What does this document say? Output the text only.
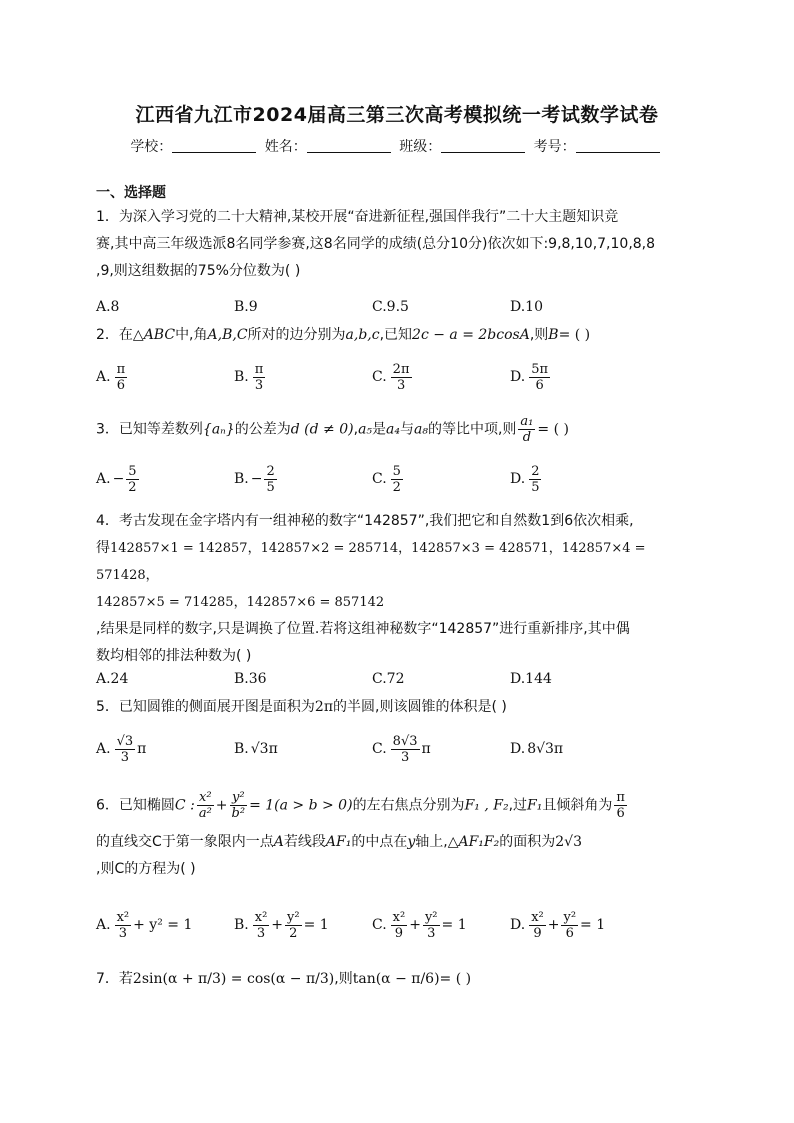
江西省九江市2024届高三第三次高考模拟统一考试数学试卷
学校：	姓名：	班级：	考号：
一、选择题
1．为深入学习党的二十大精神,某校开展“奋进新征程,强国伴我行”二十大主题知识竞
赛,其中高三年级选派8名同学参赛,这8名同学的成绩(总分10分)依次如下:9,8,10,7,10,8,8
,9,则这组数据的75%分位数为( )
A.8	B.9	C.9.5	D.10
2．在△ABC中,角A,B,C所对的边分别为a,b,c,已知2c − a = 2bcosA,则B= ( )
A. $\frac{\pi}{6}$	B. $\frac{\pi}{3}$	C. $\frac{2\pi}{3}$	D. $\frac{5\pi}{6}$
3．已知等差数列{aₙ}的公差为d (d ≠ 0),a₅是a₄与a₈的等比中项,则 $\frac{\text{a₁}}{d}$ = ( )
A. − $\frac{5}{2}$	B. − $\frac{2}{5}$	C. $\frac{5}{2}$	D. $\frac{2}{5}$
4．考古发现在金字塔内有一组神秘的数字“142857”,我们把它和自然数1到6依次相乘,
得142857×1 = 142857，142857×2 = 285714，142857×3 = 428571，142857×4 = 571428，
142857×5 = 714285，142857×6 = 857142
,结果是同样的数字,只是调换了位置.若将这组神秘数字“142857”进行重新排序,其中偶
数均相邻的排法种数为( )
A.24	B.36	C.72	D.144
5．已知圆锥的侧面展开图是面积为2π的半圆,则该圆锥的体积是( )
A. $\frac{√3}{3}$ π	B. √3π	C. $\frac{8√3}{3}$ π	D. 8√3π
6．已知椭圆C : $\frac{\text{x²}}{\text{a²}} + \frac{\text{y²}}{\text{b²}} = 1(a > b > 0)$的左右焦点分别为F₁ , F₂,过F₁且倾斜角为 $\frac{\pi}{6}$
的直线交C于第一象限内一点A若线段AF₁的中点在y轴上,△AF₁F₂的面积为2√3
,则C的方程为( )
A. $\frac{\text{x²}}{3} + y^2 = 1$	B. $\frac{\text{x²}}{3} + \frac{\text{y²}}{2} = 1$	C. $\frac{\text{x²}}{9} + \frac{\text{y²}}{3} = 1$	D. $\frac{\text{x²}}{9} + \frac{\text{y²}}{6} = 1$
7．若2sin(α + π/3) = cos(α − π/3),则tan(α − π/6)= ( )
